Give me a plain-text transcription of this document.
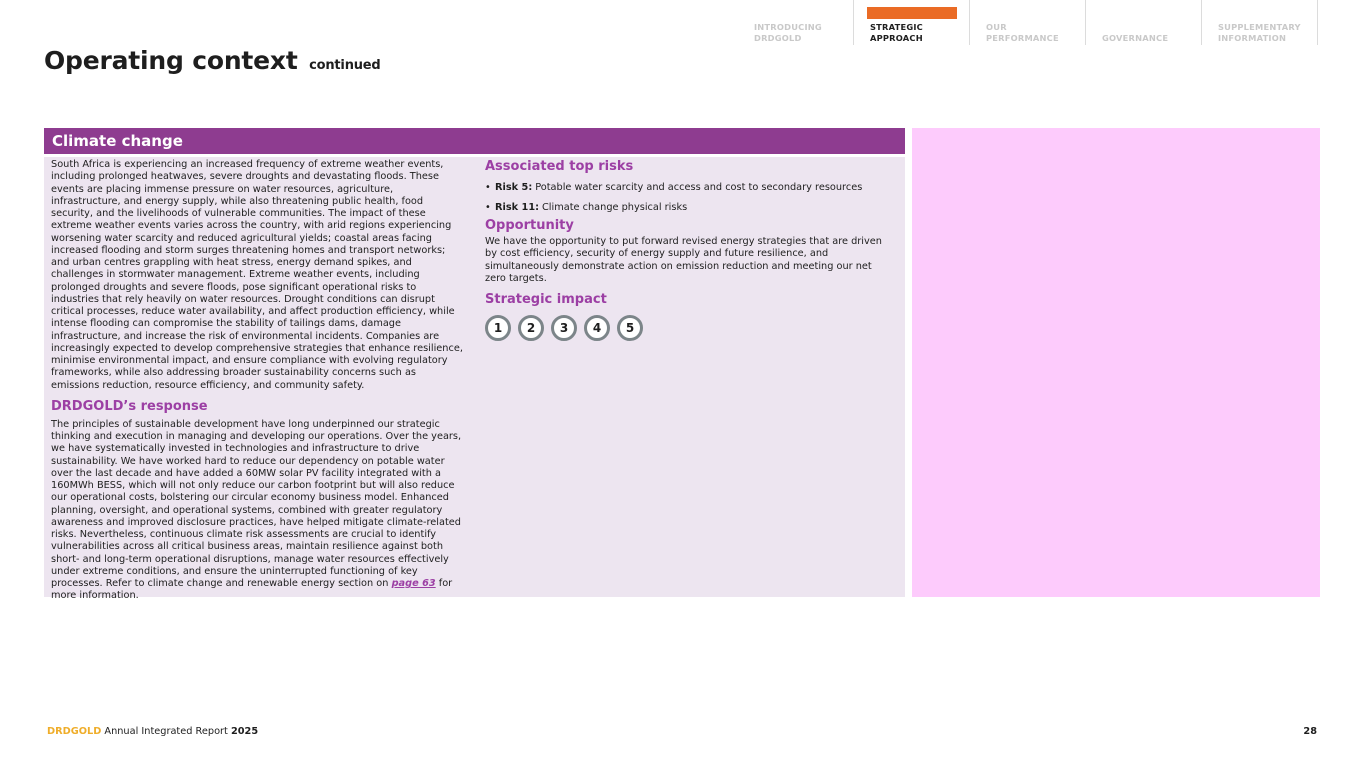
INTRODUCING
DRDGOLD
STRATEGIC
APPROACH
OUR
PERFORMANCE	GOVERNANCE
SUPPLEMENTARY
INFORMATION
Operating context continued
Climate change

South Africa is experiencing an increased frequency of extreme weather events, including prolonged heatwaves, severe droughts and devastating floods. These events are placing immense pressure on water resources, agriculture, infrastructure, and energy supply, while also threatening public health, food security, and the livelihoods of vulnerable communities. The impact of these extreme weather events varies across the country, with arid regions experiencing worsening water scarcity and reduced agricultural yields; coastal areas facing increased flooding and storm surges threatening homes and transport networks; and urban centres grappling with heat stress, energy demand spikes, and challenges in stormwater management. Extreme weather events, including prolonged droughts and severe floods, pose significant operational risks to industries that rely heavily on water resources. Drought conditions can disrupt critical processes, reduce water availability, and affect production efficiency, while intense flooding can compromise the stability of tailings dams, damage infrastructure, and increase the risk of environmental incidents. Companies are increasingly expected to develop comprehensive strategies that enhance resilience, minimise environmental impact, and ensure compliance with evolving regulatory frameworks, while also addressing broader sustainability concerns such as emissions reduction, resource efficiency, and community safety.

DRDGOLD’s response

The principles of sustainable development have long underpinned our strategic thinking and execution in managing and developing our operations. Over the years, we have systematically invested in technologies and infrastructure to drive sustainability. We have worked hard to reduce our dependency on potable water over the last decade and have added a 60MW solar PV facility integrated with a 160MWh BESS, which will not only reduce our carbon footprint but will also reduce our operational costs, bolstering our circular economy business model. Enhanced planning, oversight, and operational systems, combined with greater regulatory awareness and improved disclosure practices, have helped mitigate climate-related risks. Nevertheless, continuous climate risk assessments are crucial to identify vulnerabilities across all critical business areas, maintain resilience against both short- and long-term operational disruptions, manage water resources effectively under extreme conditions, and ensure the uninterrupted functioning of key processes. Refer to climate change and renewable energy section on page 63 for more information.

Associated top risks
• Risk 5: Potable water scarcity and access and cost to secondary resources
• Risk 11: Climate change physical risks
Opportunity

We have the opportunity to put forward revised energy strategies that are driven by cost efficiency, security of energy supply and future resilience, and simultaneously demonstrate action on emission reduction and meeting our net zero targets.

Strategic impact
1	2	3	4	5
DRDGOLD Annual Integrated Report 2025	28
